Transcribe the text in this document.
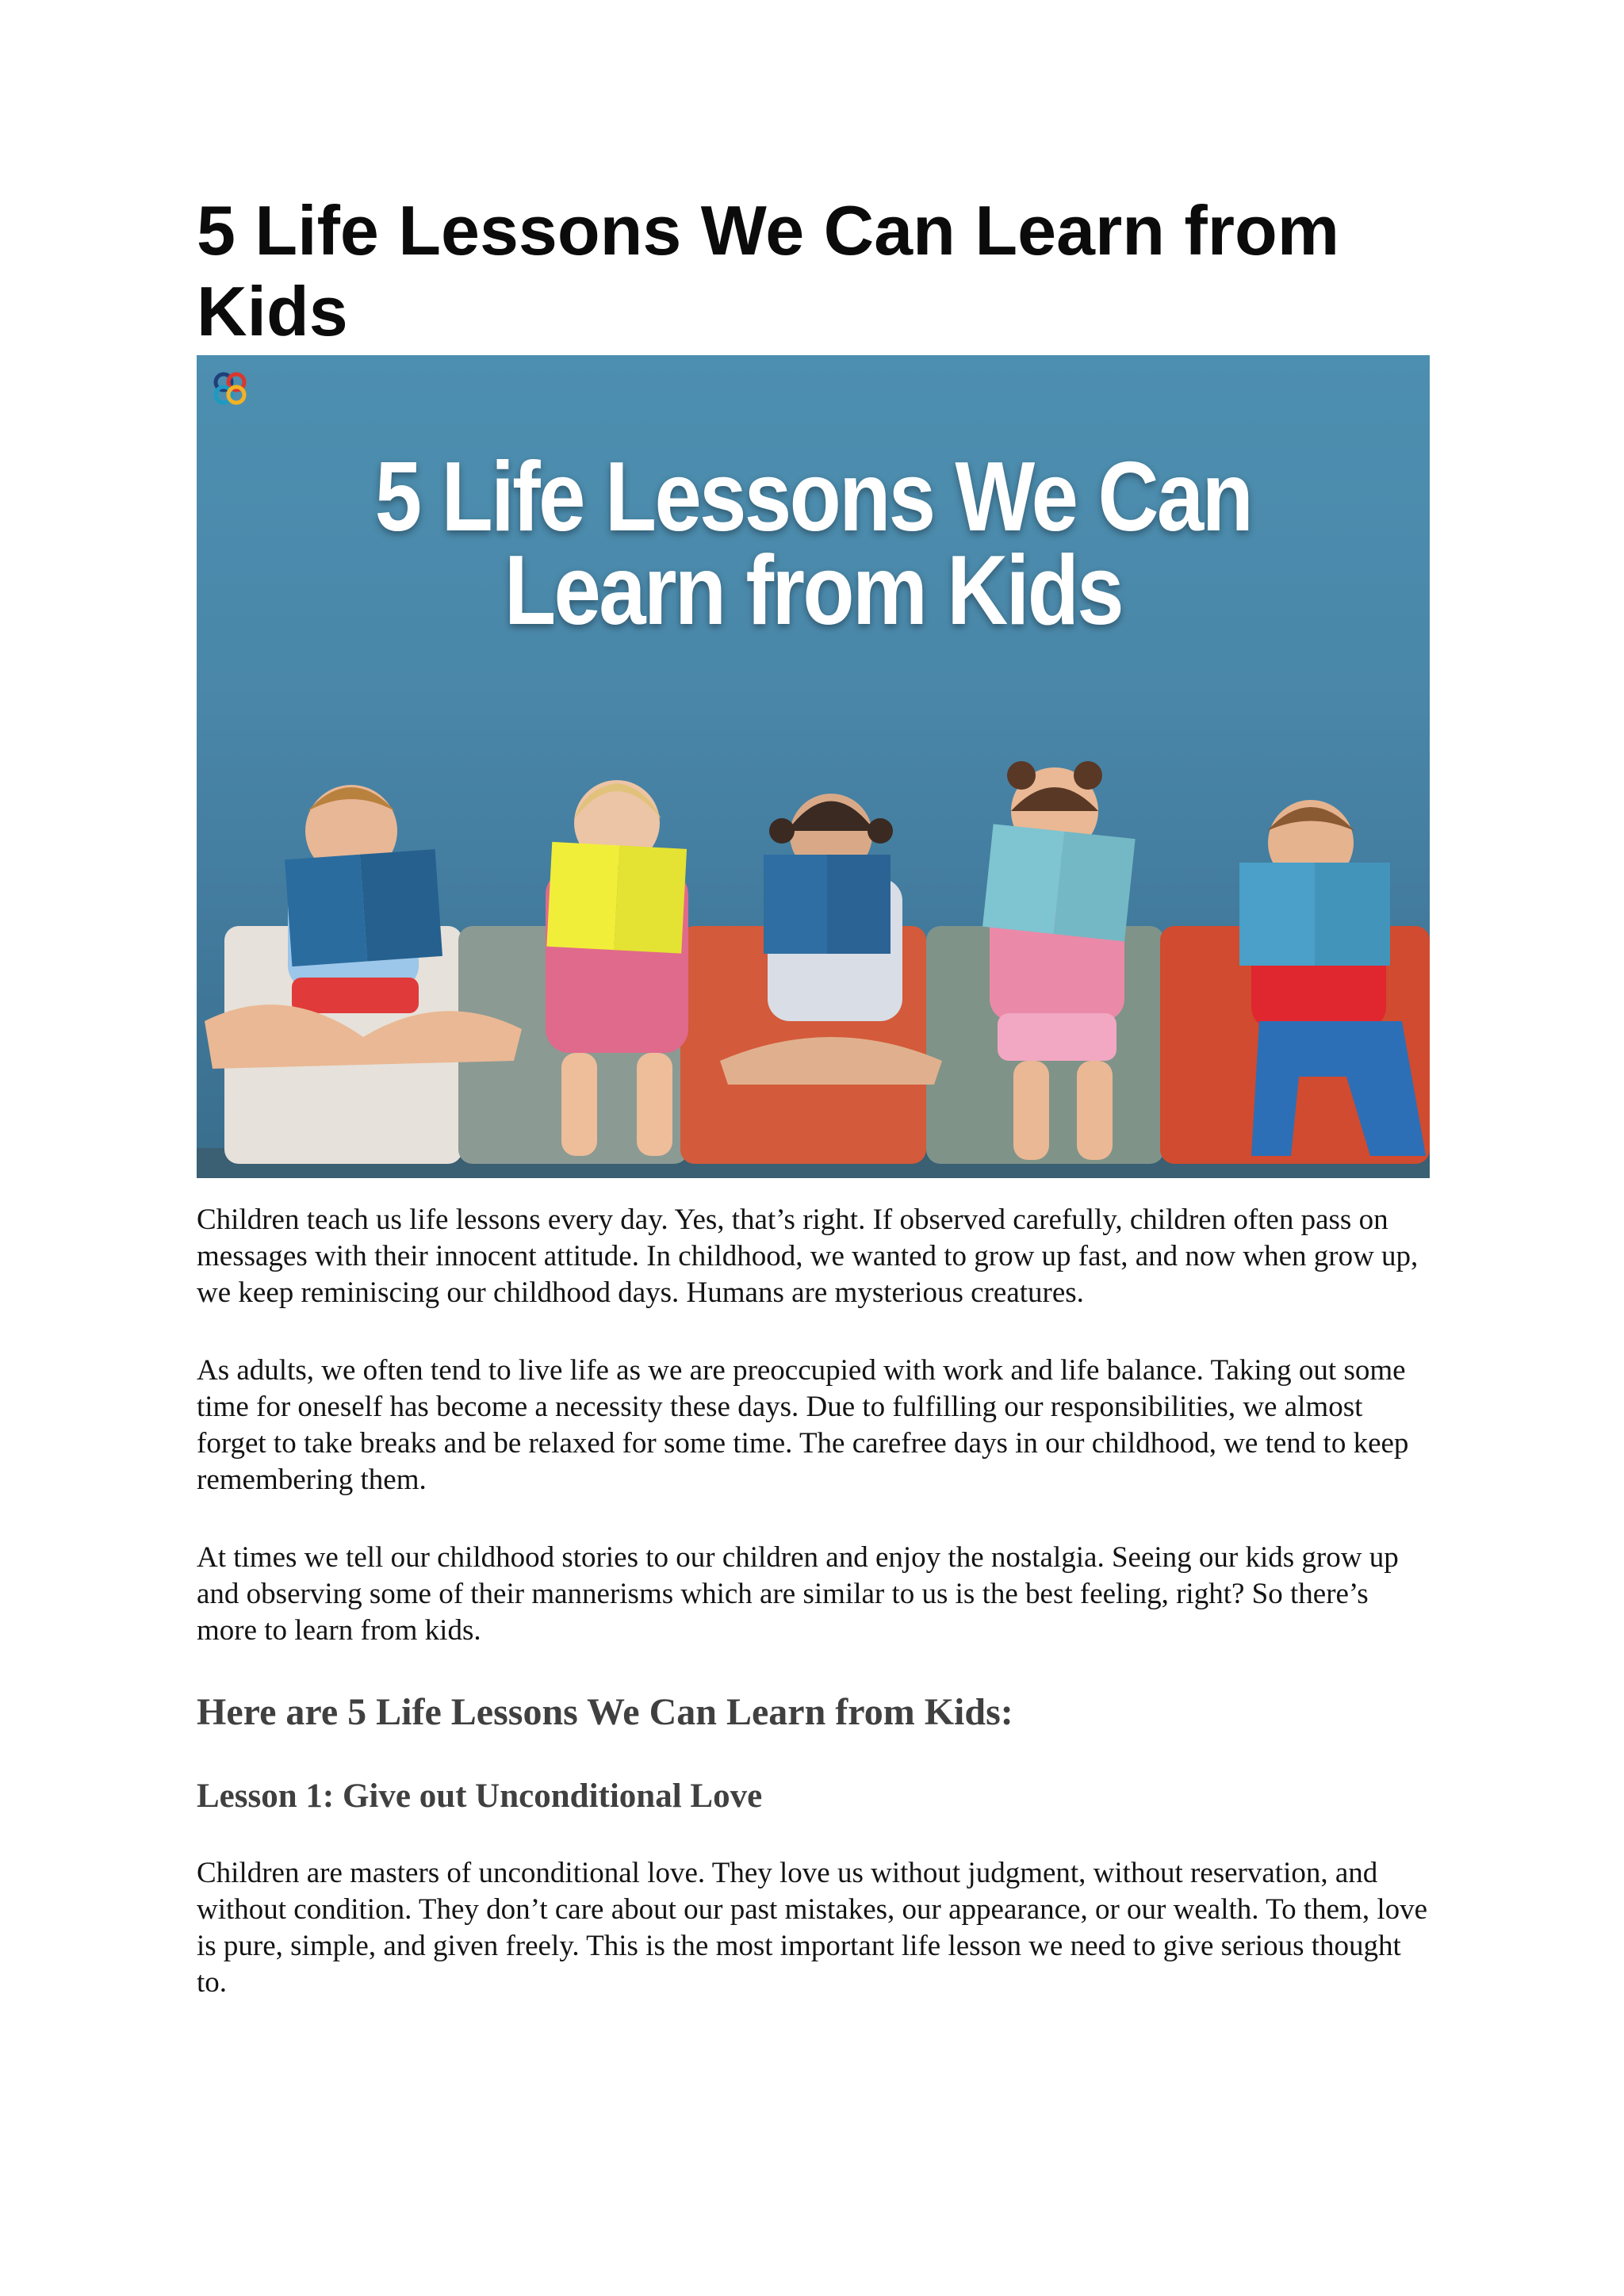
5 Life Lessons We Can Learn from Kids
5 Life Lessons We Can Learn from Kids

Children teach us life lessons every day. Yes, that’s right. If observed carefully, children often pass on messages with their innocent attitude. In childhood, we wanted to grow up fast, and now when grow up, we keep reminiscing our childhood days. Humans are mysterious creatures.

As adults, we often tend to live life as we are preoccupied with work and life balance. Taking out some time for oneself has become a necessity these days. Due to fulfilling our responsibilities, we almost forget to take breaks and be relaxed for some time. The carefree days in our childhood, we tend to keep remembering them.

At times we tell our childhood stories to our children and enjoy the nostalgia. Seeing our kids grow up and observing some of their mannerisms which are similar to us is the best feeling, right? So there’s more to learn from kids.

Here are 5 Life Lessons We Can Learn from Kids:
Lesson 1: Give out Unconditional Love

Children are masters of unconditional love. They love us without judgment, without reservation, and without condition. They don’t care about our past mistakes, our appearance, or our wealth. To them, love is pure, simple, and given freely. This is the most important life lesson we need to give serious thought to.
